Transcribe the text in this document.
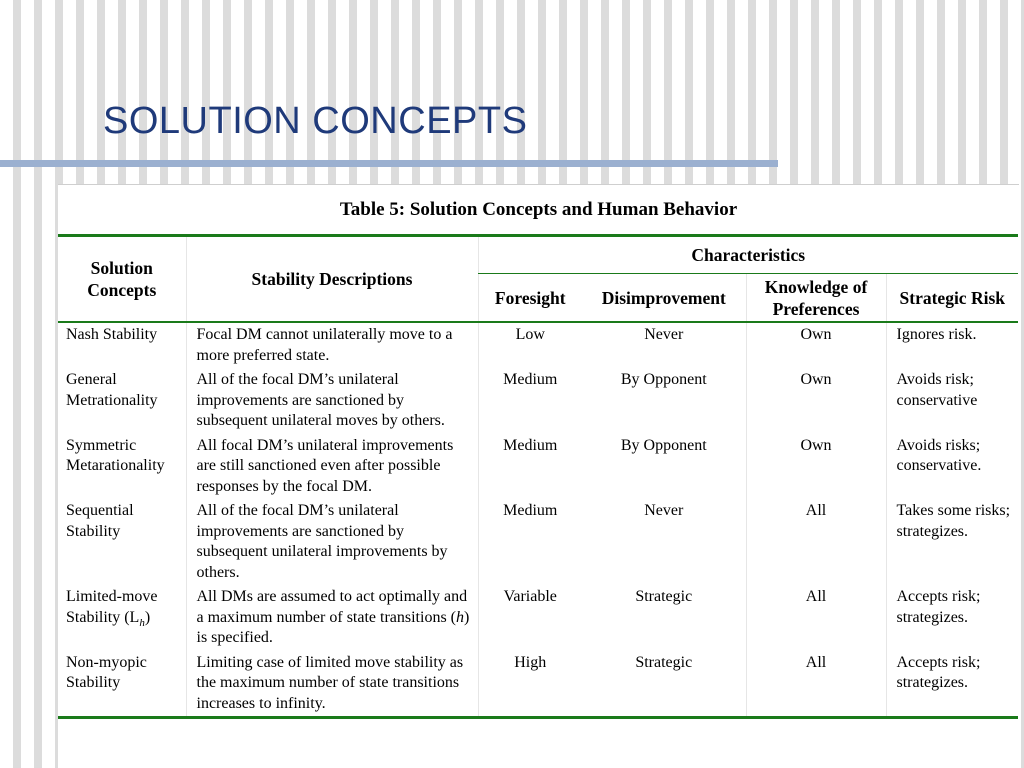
SOLUTION CONCEPTS
Table 5: Solution Concepts and Human Behavior
Solution Concepts	Stability Descriptions	Characteristics			
		Foresight	Disimprovement	Knowledge of Preferences	Strategic Risk
Nash Stability	Focal DM cannot unilaterally move to a more preferred state.	Low	Never	Own	Ignores risk.
General Metrationality	All of the focal DM’s unilateral improvements are sanctioned by subsequent unilateral moves by others.	Medium	By Opponent	Own	Avoids risk; conservative
Symmetric Metarationality	All focal DM’s unilateral improvements are still sanctioned even after possible responses by the focal DM.	Medium	By Opponent	Own	Avoids risks; conservative.
Sequential Stability	All of the focal DM’s unilateral improvements are sanctioned by subsequent unilateral improvements by others.	Medium	Never	All	Takes some risks; strategizes.
Limited-move Stability $(L_h)$	All DMs are assumed to act optimally and a maximum number of state transitions (h) is specified.	Variable	Strategic	All	Accepts risk; strategizes.
Non-myopic Stability	Limiting case of limited move stability as the maximum number of state transitions increases to infinity.	High	Strategic	All	Accepts risk; strategizes.
